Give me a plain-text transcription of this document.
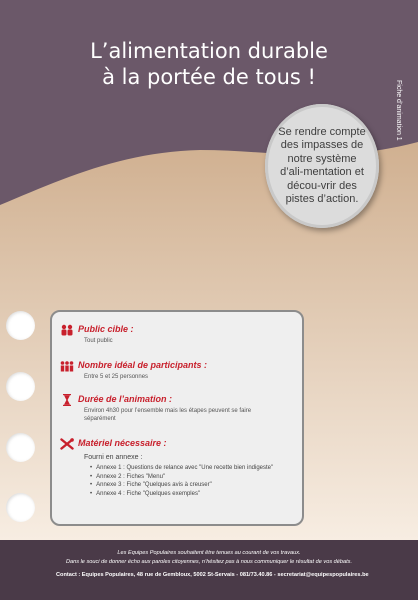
L’alimentation durable
à la portée de tous !
Fiche d’animation 1
Se rendre compte des impasses de notre système d’ali-mentation et décou-vrir des pistes d’action.
Public cible :
Tout public
Nombre idéal de participants :
Entre 5 et 25 personnes
Durée de l’animation :
Environ 4h30 pour l’ensemble mais les étapes peuvent se faire
séparément
Matériel nécessaire :
Fourni en annexe :
• Annexe 1 : Questions de relance avec "Une recette bien indigeste"
• Annexe 2 : Fiches "Menu"
• Annexe 3 : Fiche "Quelques avis à creuser"
• Annexe 4 : Fiche "Quelques exemples"
Les Equipes Populaires souhaitent être tenues au courant de vos travaux.
Dans le souci de donner écho aux paroles citoyennes, n’hésitez pas à nous communiquer le résultat de vos débats.
Contact : Equipes Populaires, 48 rue de Gembloux, 5002 St-Servais - 081/73.40.86 - secretariat@equipespopulaires.be
